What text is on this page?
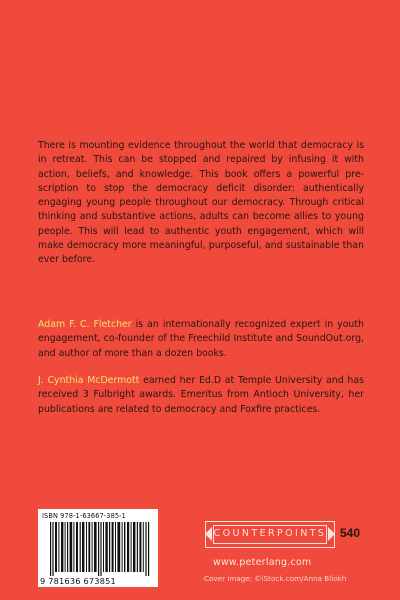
There is mounting evidence throughout the world that democracy is in retreat. This can be stopped and repaired by infusing it with action, beliefs, and knowledge. This book offers a powerful prescription to stop the democracy deficit disorder: authentically engaging young people throughout our democracy. Through critical thinking and substantive actions, adults can become allies to young people. This will lead to authentic youth engagement, which will make democracy more meaningful, purposeful, and sustainable than ever before.
Adam F. C. Fletcher is an internationally recognized expert in youth engagement, co-founder of the Freechild Institute and SoundOut.org, and author of more than a dozen books.
J. Cynthia McDermott earned her Ed.D at Temple University and has received 3 Fulbright awards. Emeritus from Antioch University, her publications are related to democracy and Foxfire practices.
ISBN 978-1-63667-385-1
9 781636 673851
COUNTERPOINTS	540
www.peterlang.com
Cover image: ©iStock.com/Anna Bliokh
